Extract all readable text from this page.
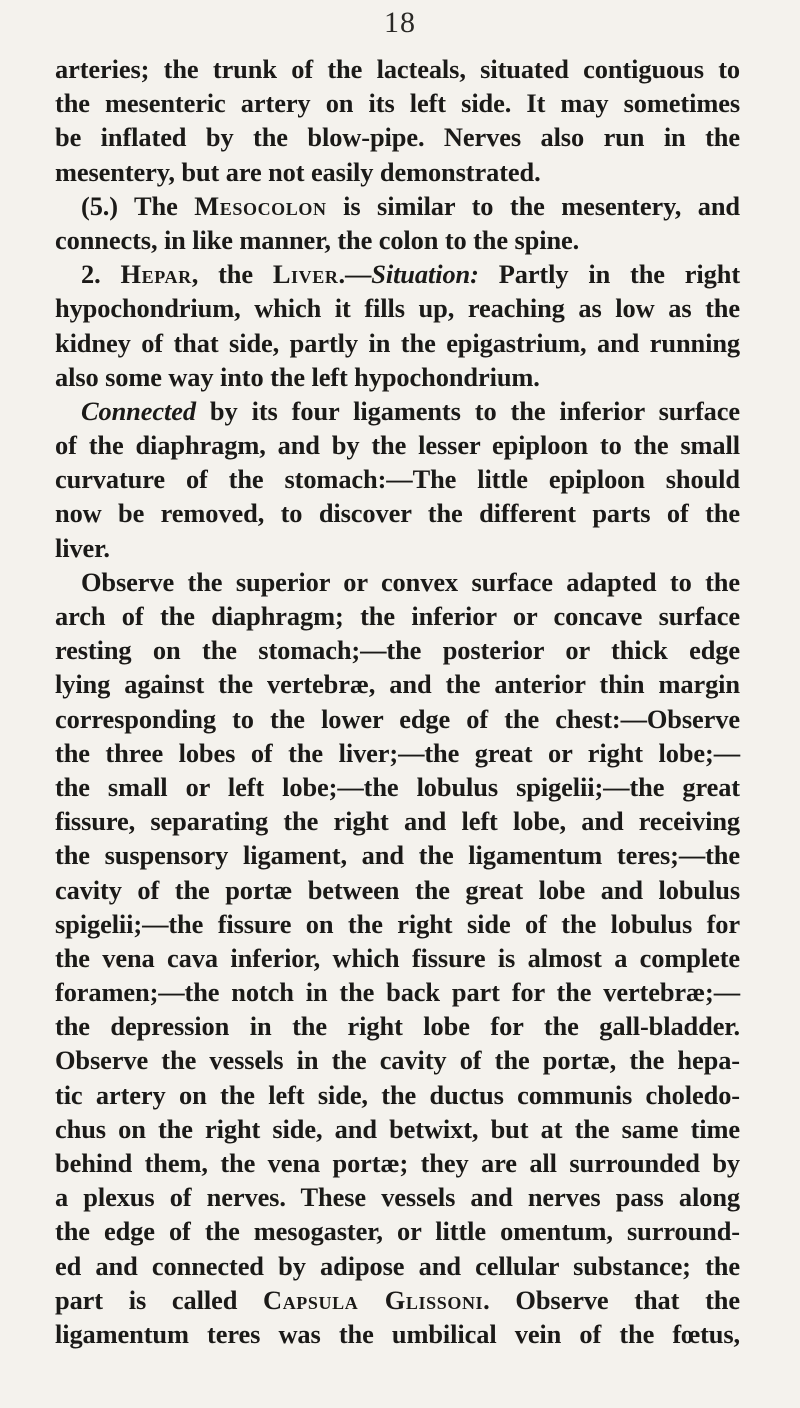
18
arteries; the trunk of the lacteals, situated contiguous to
the mesenteric artery on its left side. It may sometimes
be inflated by the blow-pipe. Nerves also run in the
mesentery, but are not easily demonstrated.
(5.) The Mesocolon is similar to the mesentery, and
connects, in like manner, the colon to the spine.
2. Hepar, the Liver.—Situation: Partly in the right
hypochondrium, which it fills up, reaching as low as the
kidney of that side, partly in the epigastrium, and running
also some way into the left hypochondrium.
Connected by its four ligaments to the inferior surface
of the diaphragm, and by the lesser epiploon to the small
curvature of the stomach:—The little epiploon should
now be removed, to discover the different parts of the
liver.
Observe the superior or convex surface adapted to the
arch of the diaphragm; the inferior or concave surface
resting on the stomach;—the posterior or thick edge
lying against the vertebræ, and the anterior thin margin
corresponding to the lower edge of the chest:—Observe
the three lobes of the liver;—the great or right lobe;—
the small or left lobe;—the lobulus spigelii;—the great
fissure, separating the right and left lobe, and receiving
the suspensory ligament, and the ligamentum teres;—the
cavity of the portæ between the great lobe and lobulus
spigelii;—the fissure on the right side of the lobulus for
the vena cava inferior, which fissure is almost a complete
foramen;—the notch in the back part for the vertebræ;—
the depression in the right lobe for the gall-bladder.
Observe the vessels in the cavity of the portæ, the hepa-
tic artery on the left side, the ductus communis choledo-
chus on the right side, and betwixt, but at the same time
behind them, the vena portæ; they are all surrounded by
a plexus of nerves. These vessels and nerves pass along
the edge of the mesogaster, or little omentum, surround-
ed and connected by adipose and cellular substance; the
part is called Capsula Glissoni. Observe that the
ligamentum teres was the umbilical vein of the fœtus,
